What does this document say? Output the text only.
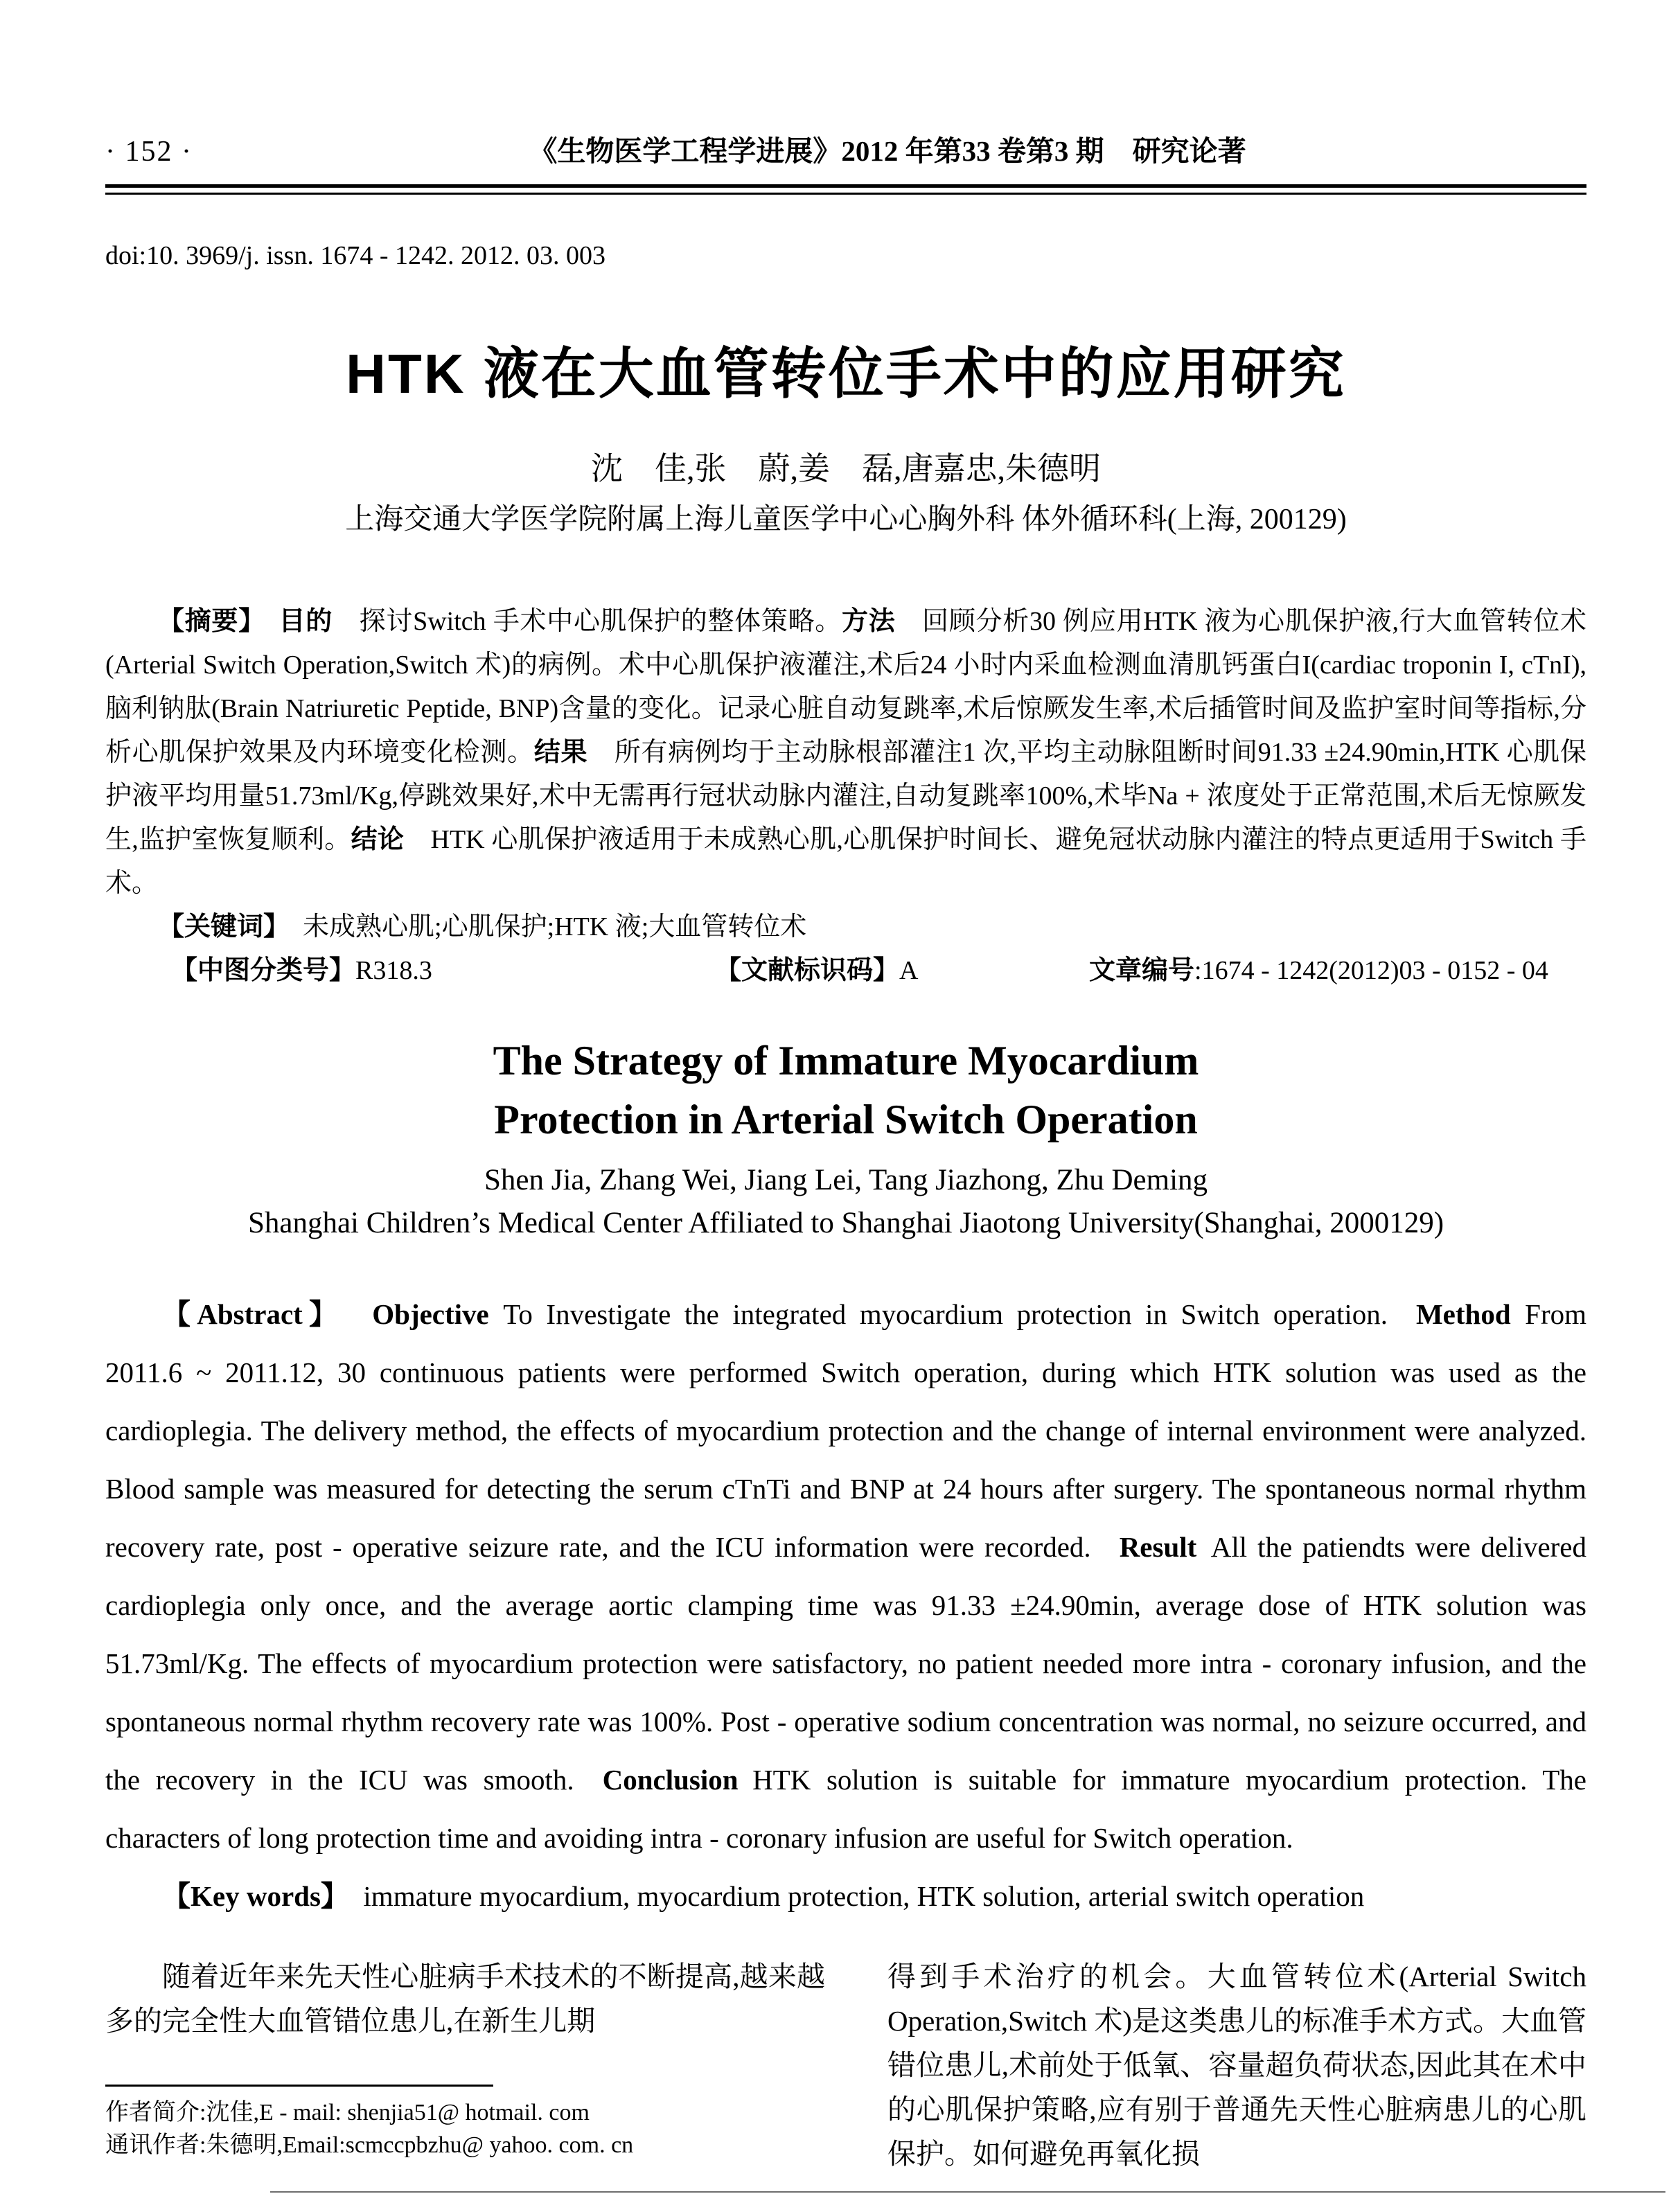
· 152 ·	《生物医学工程学进展》2012 年第33 卷第3 期　研究论著
doi:10. 3969/j. issn. 1674 - 1242. 2012. 03. 003
HTK 液在大血管转位手术中的应用研究
沈　佳,张　蔚,姜　磊,唐嘉忠,朱德明
上海交通大学医学院附属上海儿童医学中心心胸外科 体外循环科(上海, 200129)

【摘要】　目的　探讨Switch 手术中心肌保护的整体策略。方法　回顾分析30 例应用HTK 液为心肌保护液,行大血管转位术(Arterial Switch Operation,Switch 术)的病例。术中心肌保护液灌注,术后24 小时内采血检测血清肌钙蛋白I(cardiac troponin I, cTnI),脑利钠肽(Brain Natriuretic Peptide, BNP)含量的变化。记录心脏自动复跳率,术后惊厥发生率,术后插管时间及监护室时间等指标,分析心肌保护效果及内环境变化检测。结果　所有病例均于主动脉根部灌注1 次,平均主动脉阻断时间91.33 ±24.90min,HTK 心肌保护液平均用量51.73ml/Kg,停跳效果好,术中无需再行冠状动脉内灌注,自动复跳率100%,术毕Na + 浓度处于正常范围,术后无惊厥发生,监护室恢复顺利。结论　HTK 心肌保护液适用于未成熟心肌,心肌保护时间长、避免冠状动脉内灌注的特点更适用于Switch 手术。

【关键词】　未成熟心肌;心肌保护;HTK 液;大血管转位术

【中图分类号】R318.3	【文献标识码】A	文章编号:1674 - 1242(2012)03 - 0152 - 04
The Strategy of Immature Myocardium
Protection in Arterial Switch Operation
Shen Jia, Zhang Wei, Jiang Lei, Tang Jiazhong, Zhu Deming
Shanghai Children’s Medical Center Affiliated to Shanghai Jiaotong University(Shanghai, 2000129)

【Abstract】 Objective To Investigate the integrated myocardium protection in Switch operation. Method From 2011.6 ~ 2011.12, 30 continuous patients were performed Switch operation, during which HTK solution was used as the cardioplegia. The delivery method, the effects of myocardium protection and the change of internal environment were analyzed. Blood sample was measured for detecting the serum cTnTi and BNP at 24 hours after surgery. The spontaneous normal rhythm recovery rate, post - operative seizure rate, and the ICU information were recorded. Result All the patiendts were delivered cardioplegia only once, and the average aortic clamping time was 91.33 ±24.90min, average dose of HTK solution was 51.73ml/Kg. The effects of myocardium protection were satisfactory, no patient needed more intra - coronary infusion, and the spontaneous normal rhythm recovery rate was 100%. Post - operative sodium concentration was normal, no seizure occurred, and the recovery in the ICU was smooth. Conclusion HTK solution is suitable for immature myocardium protection. The characters of long protection time and avoiding intra - coronary infusion are useful for Switch operation.

【Key words】　immature myocardium, myocardium protection, HTK solution, arterial switch operation

随着近年来先天性心脏病手术技术的不断提高,越来越多的完全性大血管错位患儿,在新生儿期

作者简介:沈佳,E - mail: shenjia51@ hotmail. com
通讯作者:朱德明,Email:scmccpbzhu@ yahoo. com. cn

得到手术治疗的机会。大血管转位术(Arterial Switch Operation,Switch 术)是这类患儿的标准手术方式。大血管错位患儿,术前处于低氧、容量超负荷状态,因此其在术中的心肌保护策略,应有别于普通先天性心脏病患儿的心肌保护。如何避免再氧化损
